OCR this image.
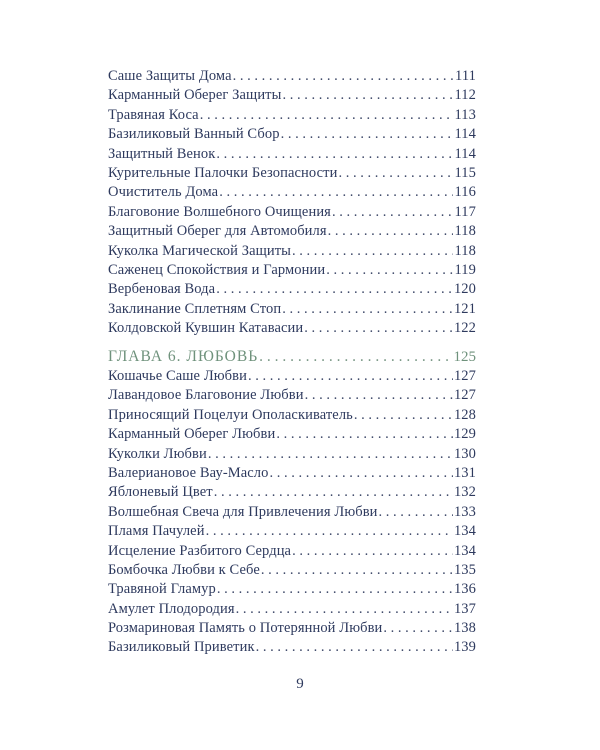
Саше Защиты Дома . . .	111
Карманный Оберег Защиты . . .	112
Травяная Коса . . .	113
Базиликовый Ванный Сбор . . .	114
Защитный Венок . . .	114
Курительные Палочки Безопасности . . .	115
Очиститель Дома . . .	116
Благовоние Волшебного Очищения . . .	117
Защитный Оберег для Автомобиля . . .	118
Куколка Магической Защиты . . .	118
Саженец Спокойствия и Гармонии . . .	119
Вербеновая Вода . . .	120
Заклинание Сплетням Стоп . . .	121
Колдовской Кувшин Катавасии . . .	122
ГЛАВА 6. ЛЮБОВЬ . . .	125
Кошачье Саше Любви . . .	127
Лавандовое Благовоние Любви . . .	127
Приносящий Поцелуи Ополаскиватель . . .	128
Карманный Оберег Любви . . .	129
Куколки Любви . . .	130
Валериановое Вау-Масло . . .	131
Яблоневый Цвет . . .	132
Волшебная Свеча для Привлечения Любви . . .	133
Пламя Пачулей . . .	134
Исцеление Разбитого Сердца . . .	134
Бомбочка Любви к Себе . . .	135
Травяной Гламур . . .	136
Амулет Плодородия . . .	137
Розмариновая Память о Потерянной Любви . . .	138
Базиликовый Приветик . . .	139
9
